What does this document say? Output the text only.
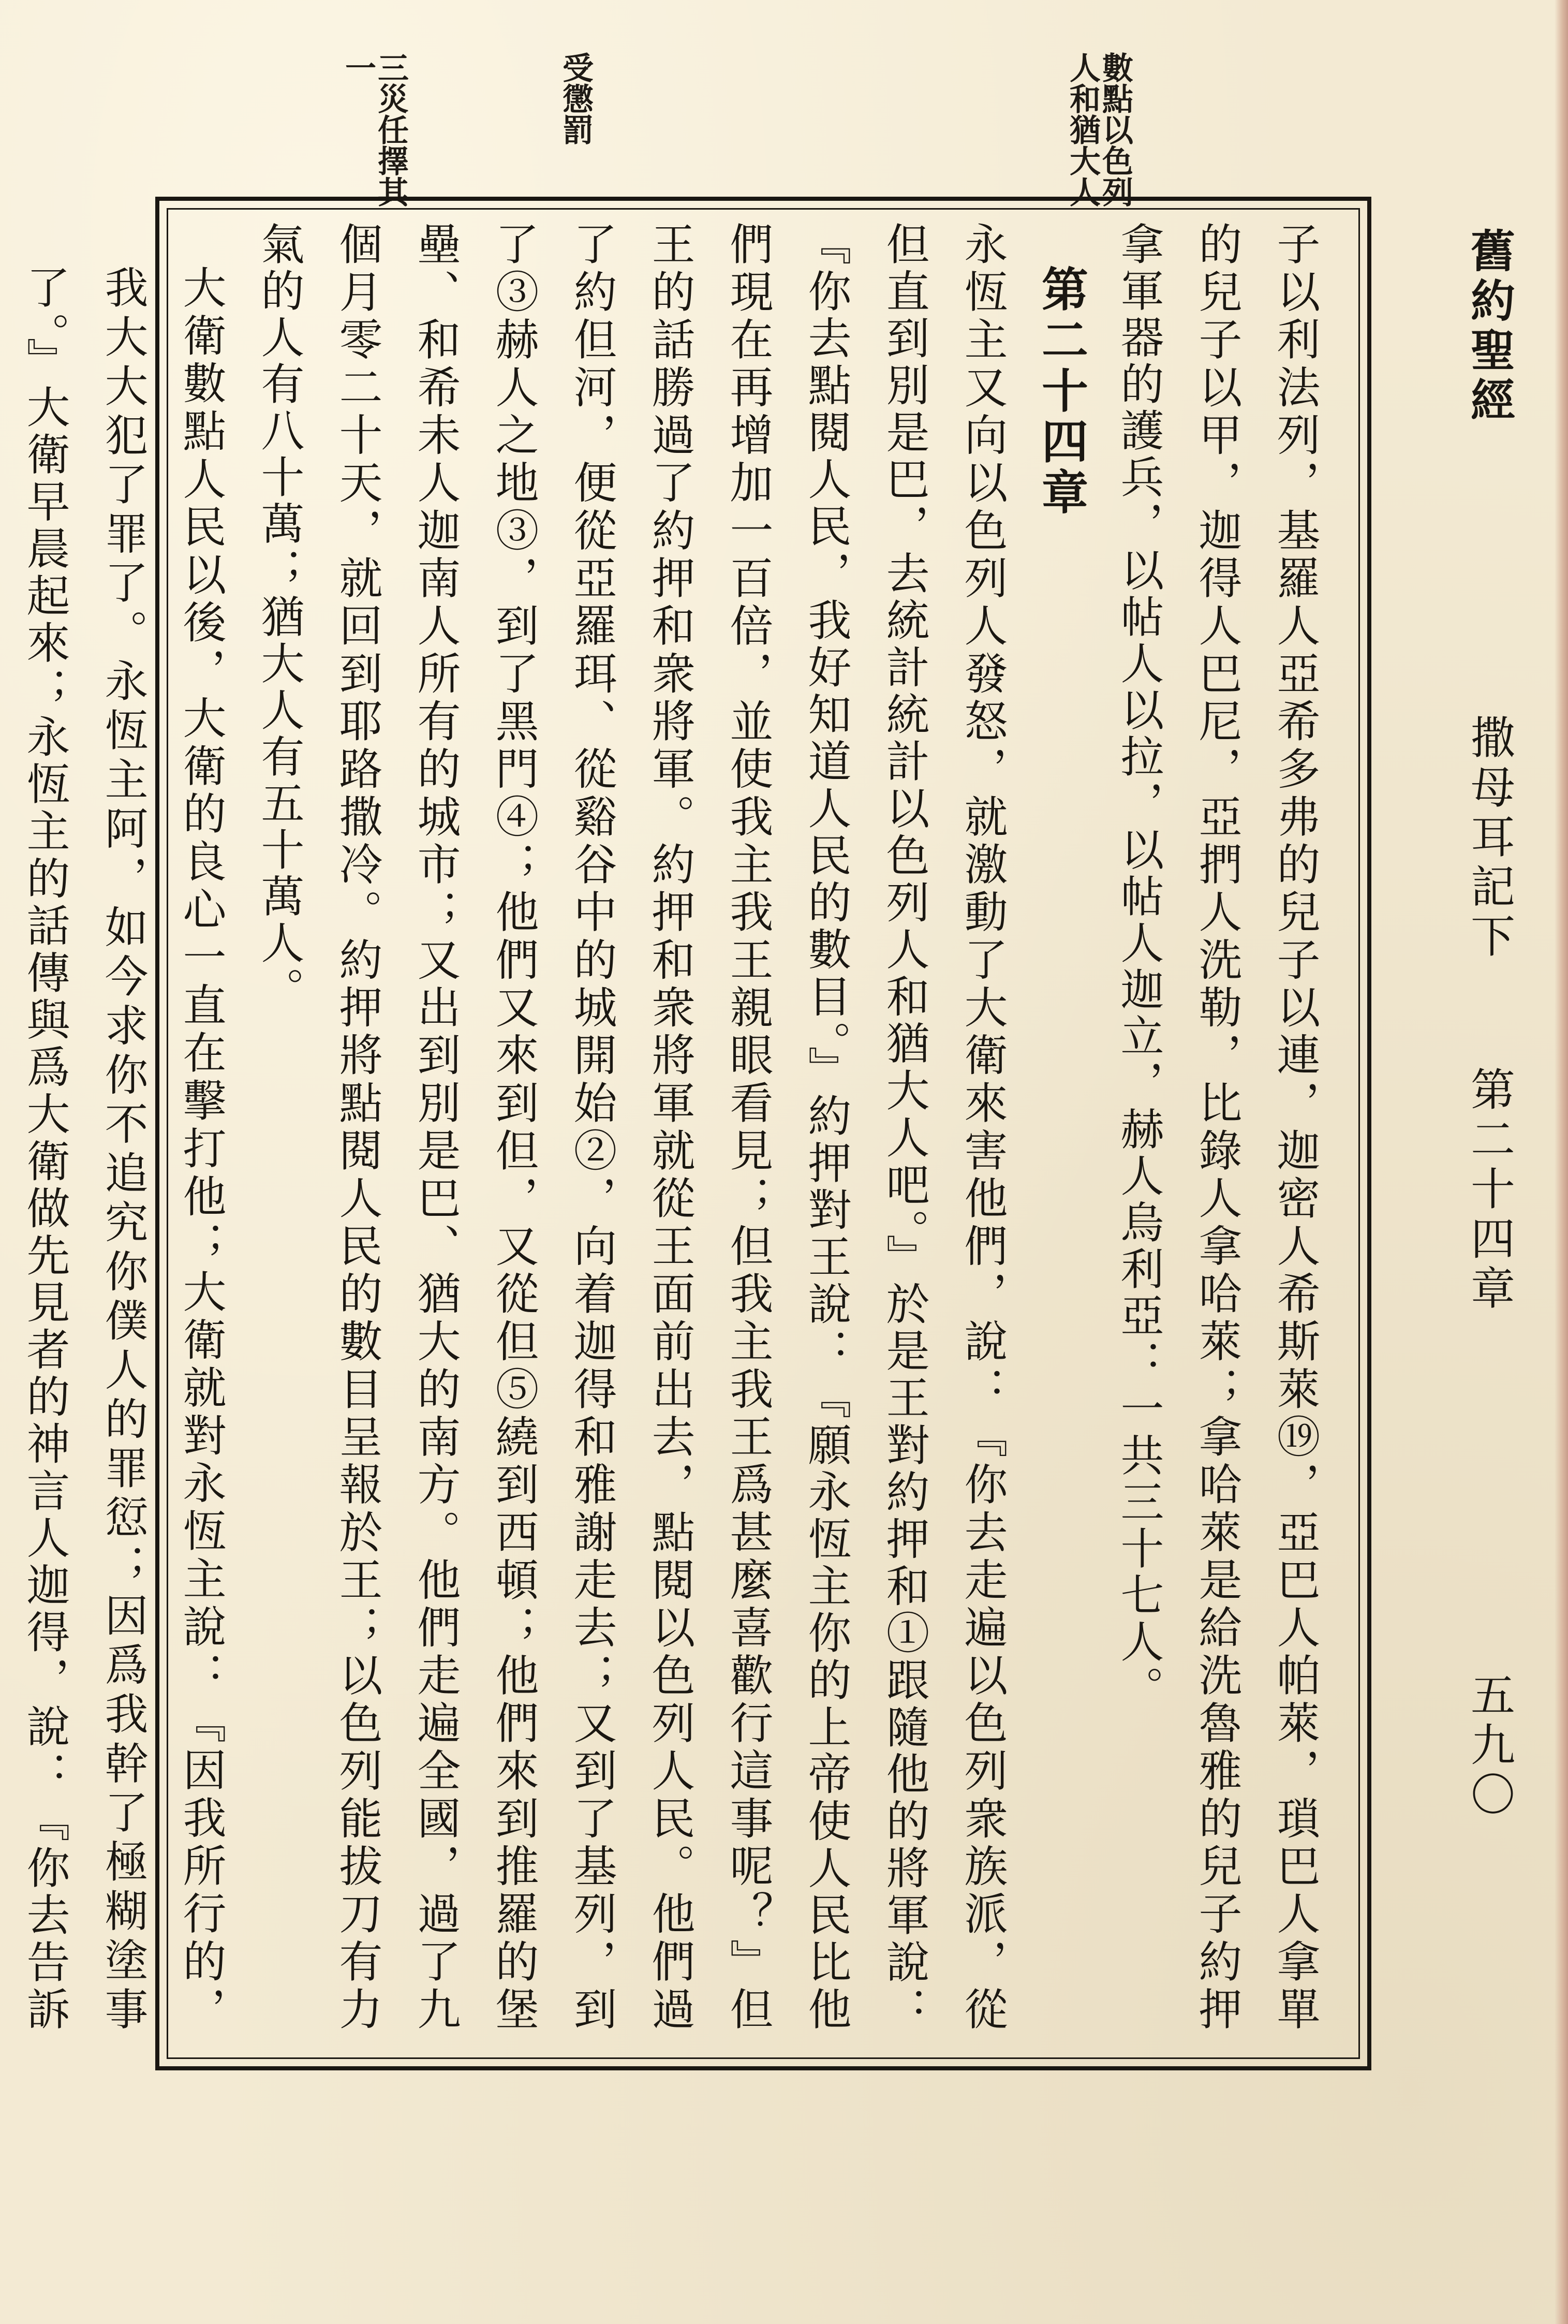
舊約聖經
撒母耳記下
第二十四章
五九〇
數點以色列人和猶大人
受懲罰
三災任擇其一

子以利法列，基羅人亞希多弗的兒子以連，迦密人希斯萊⑲，亞巴人帕萊，瑣巴人拿單的兒子以甲，迦得人巴尼，亞捫人洗勒，比錄人拿哈萊；拿哈萊是給洗魯雅的兒子約押拿軍器的護兵，以帖人以拉，以帖人迦立，赫人烏利亞：一共三十七人。

第二十四章

永恆主又向以色列人發怒，就激動了大衛來害他們，說：『你去走遍以色列衆族派，從但直到別是巴，去統計統計以色列人和猶大人吧。』於是王對約押和①跟隨他的將軍說：『你去點閱人民，我好知道人民的數目。』約押對王說：『願永恆主你的上帝使人民比他們現在再增加一百倍，並使我主我王親眼看見；但我主我王爲甚麼喜歡行這事呢？』但王的話勝過了約押和衆將軍。約押和衆將軍就從王面前出去，點閱以色列人民。他們過了約但河，便從亞羅珥、從谿谷中的城開始②，向着迦得和雅謝走去；又到了基列，到了③赫人之地③，到了黑門④；他們又來到但，又從但⑤繞到西頓；他們來到推羅的堡壘、和希未人迦南人所有的城市；又出到別是巴、猶大的南方。他們走遍全國，過了九個月零二十天，就回到耶路撒冷。約押將點閱人民的數目呈報於王；以色列能拔刀有力氣的人有八十萬；猶大人有五十萬人。

大衛數點人民以後，大衛的良心一直在擊打他；大衛就對永恆主說：『因我所行的，我大大犯了罪了。永恆主阿，如今求你不追究你僕人的罪愆；因爲我幹了極糊塗事了。』大衛早晨起來；永恆主的話傳與爲大衛做先見者的神言人迦得，說：『你去告訴
